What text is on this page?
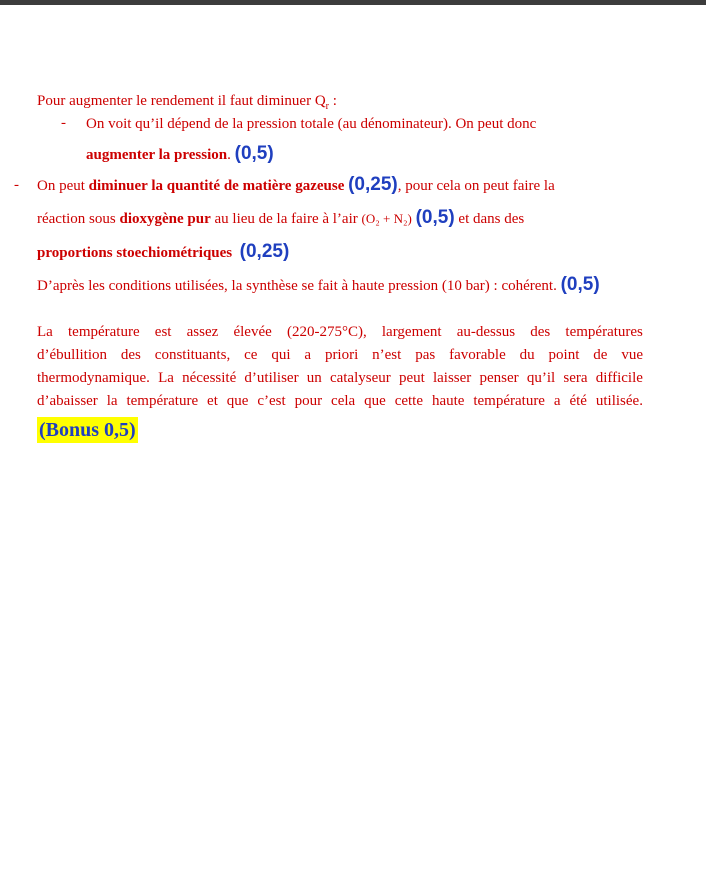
Pour augmenter le rendement il faut diminuer $Q_r$ :
- On voit qu’il dépend de la pression totale (au dénominateur). On peut donc
augmenter la pression. (0,5)
- On peut diminuer la quantité de matière gazeuse (0,25), pour cela on peut faire la
réaction sous dioxygène pur au lieu de la faire à l’air (O₂ + N₂) (0,5) et dans des
proportions stoechiométriques (0,25)
D’après les conditions utilisées, la synthèse se fait à haute pression (10 bar) : cohérent. (0,5)
La température est assez élevée (220-275°C), largement au-dessus des températures
d’ébullition des constituants, ce qui a priori n’est pas favorable du point de vue
thermodynamique. La nécessité d’utiliser un catalyseur peut laisser penser qu’il sera difficile
d’abaisser la température et que c’est pour cela que cette haute température a été utilisée.
(Bonus 0,5)
